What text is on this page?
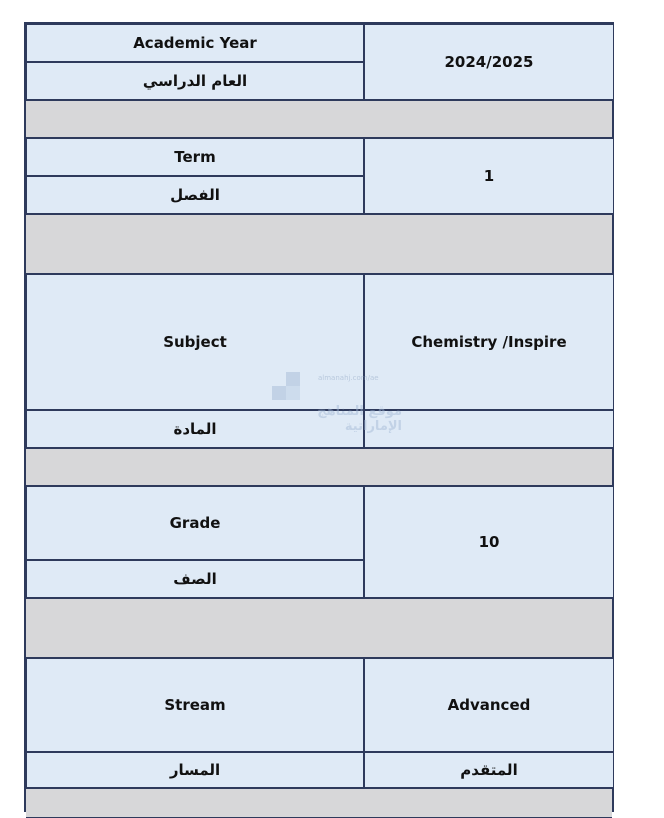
Academic Year
العام الدراسي
2024/2025
Term
الفصل
1
Subject
المادة
Chemistry /Inspire
Grade
الصف
10
Stream
المسار
Advanced
المتقدم
almanahj.com/ae
موقع المناهج الإماراتية
